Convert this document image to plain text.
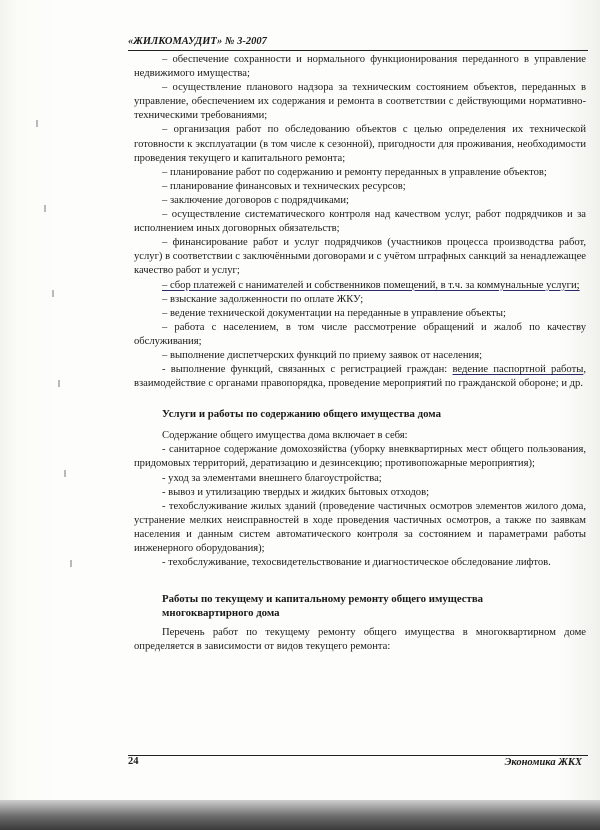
«ЖИЛКОМАУДИТ» № 3-2007

– обеспечение сохранности и нормального функционирования переданного в управление недвижимого имущества;

– осуществление планового надзора за техническим состоянием объектов, переданных в управление, обеспечением их содержания и ремонта в соответствии с действующими нормативно-техническими требованиями;

– организация работ по обследованию объектов с целью определения их технической готовности к эксплуатации (в том числе к сезонной), пригодности для проживания, необходимости проведения текущего и капитального ремонта;

– планирование работ по содержанию и ремонту переданных в управление объектов;

– планирование финансовых и технических ресурсов;

– заключение договоров с подрядчиками;

– осуществление систематического контроля над качеством услуг, работ подрядчиков и за исполнением иных договорных обязательств;

– финансирование работ и услуг подрядчиков (участников процесса производства работ, услуг) в соответствии с заключёнными договорами и с учётом штрафных санкций за ненадлежащее качество работ и услуг;

– сбор платежей с нанимателей и собственников помещений, в т.ч. за коммунальные услуги;

– взыскание задолженности по оплате ЖКУ;

– ведение технической документации на переданные в управление объекты;

– работа с населением, в том числе рассмотрение обращений и жалоб по качеству обслуживания;

– выполнение диспетчерских функций по приему заявок от населения;

- выполнение функций, связанных с регистрацией граждан: ведение паспортной работы, взаимодействие с органами правопорядка, проведение мероприятий по гражданской обороне; и др.

Услуги и работы по содержанию общего имущества дома

Содержание общего имущества дома включает в себя:

- санитарное содержание домохозяйства (уборку вневквартирных мест общего пользования, придомовых территорий, дератизацию и дезинсекцию; противопожарные мероприятия);

- уход за элементами внешнего благоустройства;

- вывоз и утилизацию твердых и жидких бытовых отходов;

- техобслуживание жилых зданий (проведение частичных осмотров элементов жилого дома, устранение мелких неисправностей в ходе проведения частичных осмотров, а также по заявкам населения и данным систем автоматического контроля за состоянием и параметрами работы инженерного оборудования);

- техобслуживание, техосвидетельствование и диагностическое обследование лифтов.

Работы по текущему и капитальному ремонту общего имущества
многоквартирного дома

Перечень работ по текущему ремонту общего имущества в многоквартирном доме определяется в зависимости от видов текущего ремонта:

24	Экономика ЖКХ
